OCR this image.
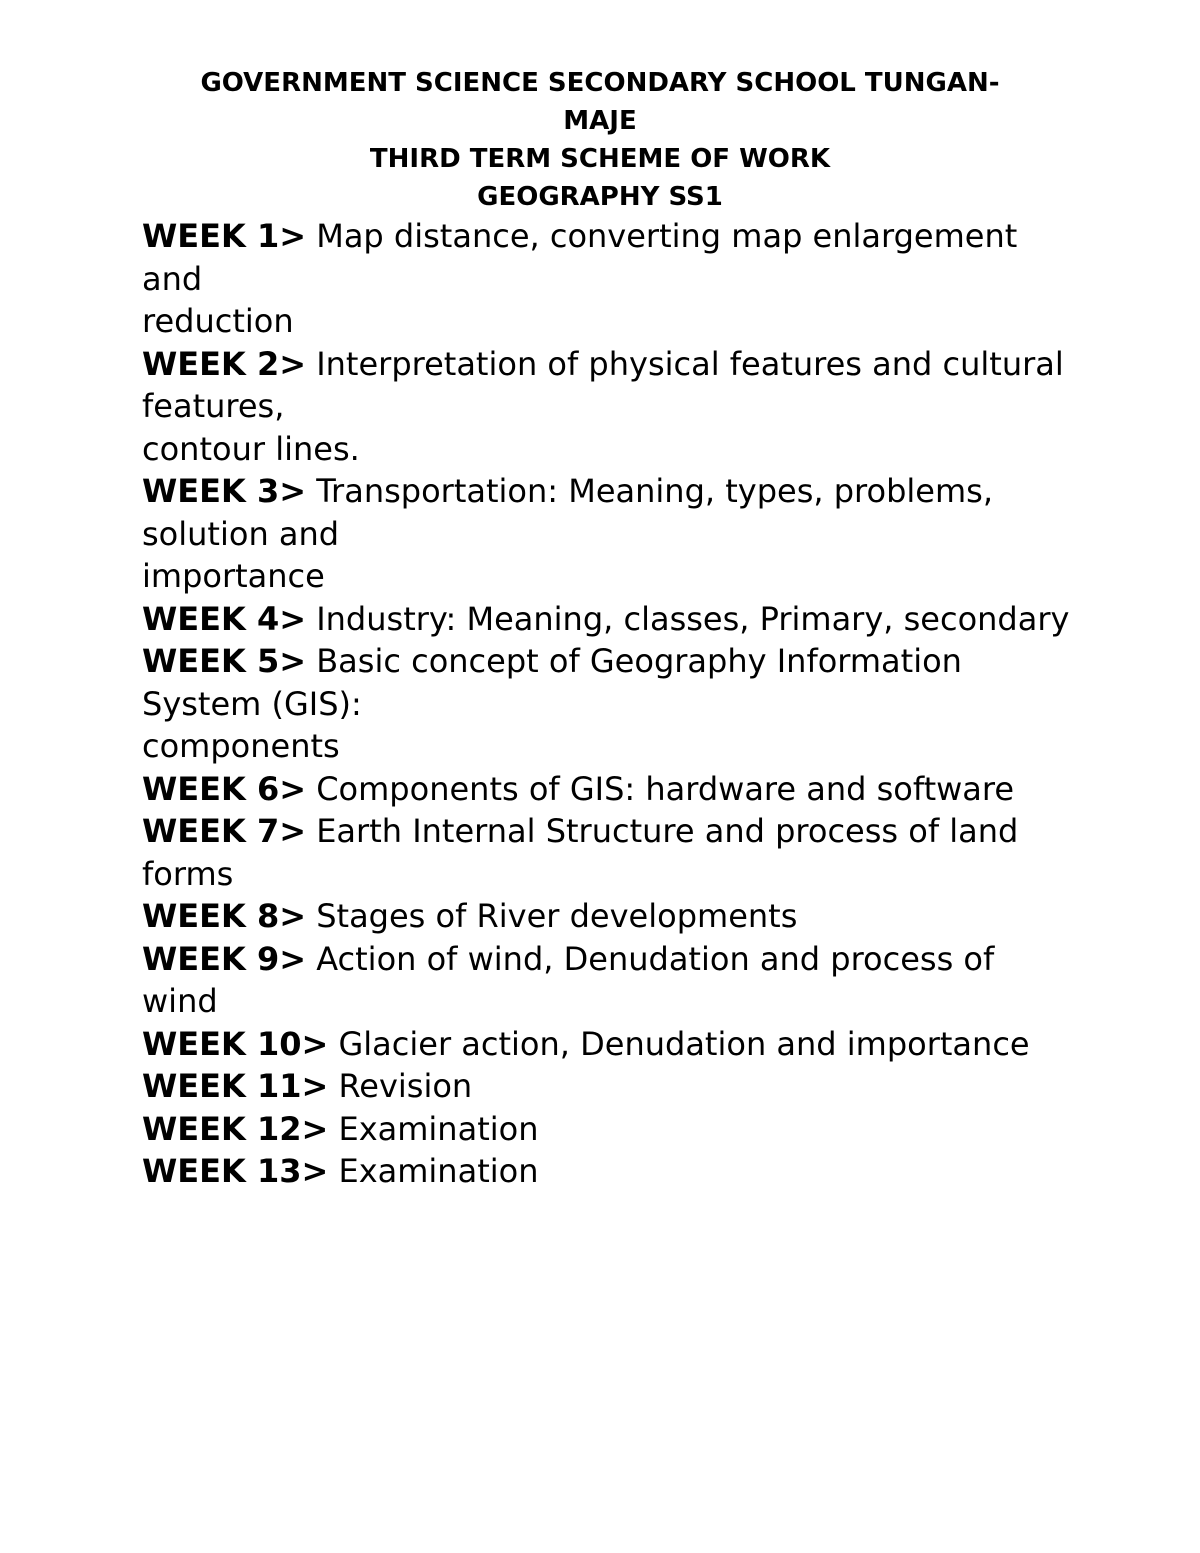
GOVERNMENT SCIENCE SECONDARY SCHOOL TUNGAN-
MAJE
THIRD TERM SCHEME OF WORK
GEOGRAPHY SS1
WEEK 1> Map distance, converting map enlargement
and
reduction
WEEK 2> Interpretation of physical features and cultural
features,
contour lines.
WEEK 3> Transportation: Meaning, types, problems,
solution and
importance
WEEK 4> Industry: Meaning, classes, Primary, secondary
WEEK 5> Basic concept of Geography Information
System (GIS):
components
WEEK 6> Components of GIS: hardware and software
WEEK 7> Earth Internal Structure and process of land
forms
WEEK 8> Stages of River developments
WEEK 9> Action of wind, Denudation and process of
wind
WEEK 10> Glacier action, Denudation and importance
WEEK 11> Revision
WEEK 12> Examination
WEEK 13> Examination
